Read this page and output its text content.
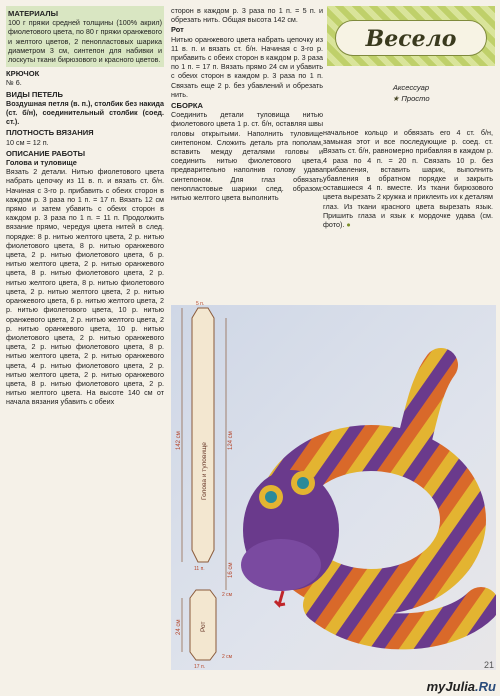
МАТЕРИАЛЫ
100 г пряжи средней толщины (100% акрил) фиолетового цвета, по 80 г пряжи оранжевого и желтого цветов, 2 пенопластовых шарика диаметром 3 см, синтепон для набивки и лоскуты ткани бирюзового и красного цветов.
КРЮЧОК
№ 6.
ВИДЫ ПЕТЕЛЬ
Воздушная петля (в. п.), столбик без накида (ст. б/н), соединительный столбик (соед. ст.).
ПЛОТНОСТЬ ВЯЗАНИЯ
10 см = 12 п.
ОПИСАНИЕ РАБОТЫ
Голова и туловище
Вязать 2 детали. Нитью фиолетового цвета набрать цепочку из 11 в. п. и вязать ст. б/н. Начиная с 3-го р. прибавить с обеих сторон в каждом р. 3 раза по 1 п. = 17 п. Вязать 12 см прямо и затем убавить с обеих сторон в каждом р. 3 раза по 1 п. = 11 п. Продолжить вязание прямо, чередуя цвета нитей в след. порядке: 8 р. нитью желтого цвета, 2 р. нитью фиолетового цвета, 8 р. нитью оранжевого цвета, 2 р. нитью фиолетового цвета, 6 р. нитью желтого цвета, 2 р. нитью оранжевого цвета, 8 р. нитью фиолетового цвета, 2 р. нитью желтого цвета, 8 р. нитью фиолетового цвета, 2 р. нитью желтого цвета, 2 р. нитью оранжевого цвета, 6 р. нитью желтого цвета, 2 р. нитью фиолетового цвета, 10 р. нитью оранжевого цвета, 2 р. нитью желтого цвета, 2 р. нитью оранжевого цвета, 10 р. нитью фиолетового цвета, 2 р. нитью оранжевого цвета, 2 р. нитью фиолетового цвета, 8 р. нитью желтого цвета, 2 р. нитью оранжевого цвета, 4 р. нитью фиолетового цвета, 2 р. нитью желтого цвета, 2 р. нитью оранжевого цвета, 8 р. нитью фиолетового цвета, 2 р. нитью желтого цвета. На высоте 140 см от начала вязания убавить с обеих
сторон в каждом р. 3 раза по 1 п. = 5 п. и обрезать нить. Общая высота 142 см.
Рот
Нитью оранжевого цвета набрать цепочку из 11 в. п. и вязать ст. б/н. Начиная с 3-го р. прибавить с обеих сторон в каждом р. 3 раза по 1 п. = 17 п. Вязать прямо 24 см и убавить с обеих сторон в каждом р. 3 раза по 1 п. Связать еще 2 р. без убавлений и обрезать нить.
СБОРКА
Соединить детали туловища нитью фиолетового цвета 1 р. ст. б/н, оставляя швы головы открытыми. Наполнить туловище синтепоном. Сложить деталь рта пополам, вставить между деталями головы и соединить нитью фиолетового цвета, предварительно наполнив голову удава синтепоном. Для глаз обвязать пенопластовые шарики след. образом: нитью желтого цвета выполнить
Весело
Аксессуар
★ Просто
начальное кольцо и обвязать его 4 ст. б/н, замыкая этот и все последующие р. соед. ст. Вязать ст. б/н, равномерно прибавляя в каждом р. 4 раза по 4 п. = 20 п. Связать 10 р. без прибавления, вставить шарик, выполнить убавления в обратном порядке и закрыть оставшиеся 4 п. вместе. Из ткани бирюзового цвета вырезать 2 кружка и приклеить их к деталям глаз. Из ткани красного цвета вырезать язык. Пришить глаза и язык к мордочке удава (см. фото). ●
142 см	124 см
16 см
24 см
2 см
2 см
5 п.
11 п.
17 п.
Голова и туловище
Рот
21
myJulia.Ru
